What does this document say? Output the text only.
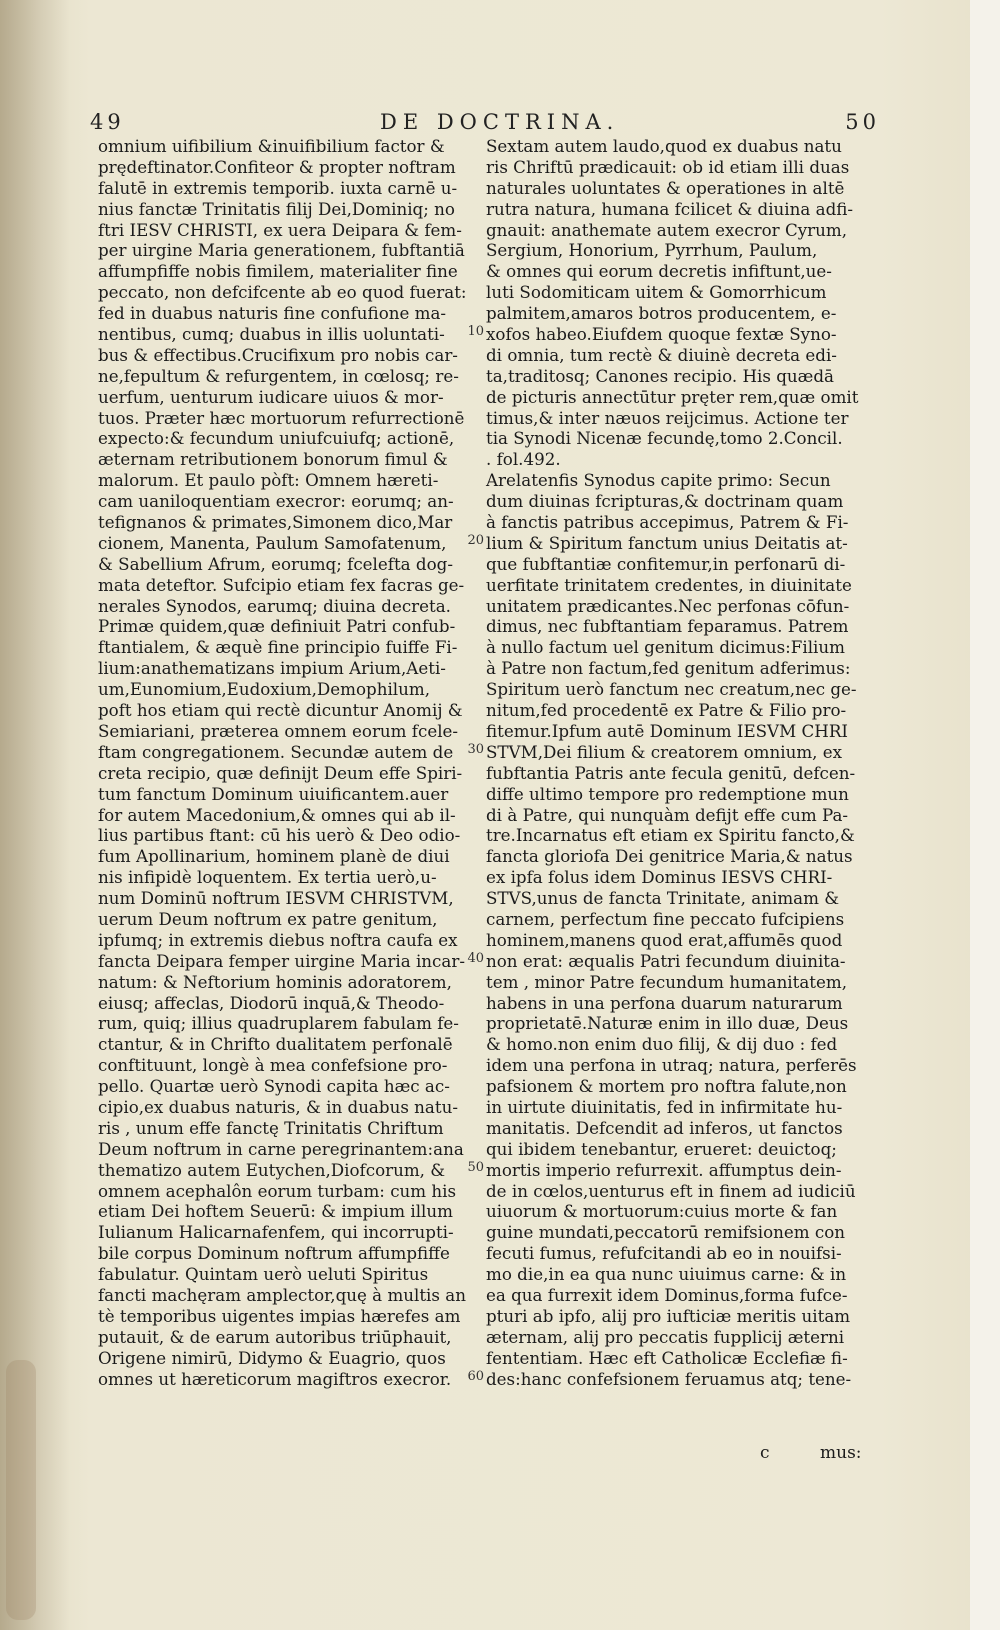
49	DE DOCTRINA.	50
omnium uifibilium &inuifibilium factor &
prędeftinator.Confiteor & propter noftram
falutē in extremis temporib. iuxta carnē u-
nius fanctæ Trinitatis filij Dei,Dominiq; no
ftri IESV CHRISTI, ex uera Deipara & fem-
per uirgine Maria generationem, fubftantiā
affumpfiffe nobis fimilem, materialiter fine
peccato, non defcifcente ab eo quod fuerat:
fed in duabus naturis fine confufione ma-
nentibus, cumq; duabus in illis uoluntati-
bus & effectibus.Crucifixum pro nobis car-
ne,fepultum & refurgentem, in cœlosq; re-
uerfum, uenturum iudicare uiuos & mor-
tuos. Præter hæc mortuorum refurrectionē
expecto:& fecundum uniufcuiufq; actionē,
æternam retributionem bonorum fimul &
malorum. Et paulo pòft: Omnem hæreti-
cam uaniloquentiam execror: eorumq; an-
tefignanos & primates,Simonem dico,Mar
cionem, Manenta, Paulum Samofatenum,
& Sabellium Afrum, eorumq; fcelefta dog-
mata deteftor. Sufcipio etiam fex facras ge-
nerales Synodos, earumq; diuina decreta.
Primæ quidem,quæ definiuit Patri confub-
ftantialem, & æquè fine principio fuiffe Fi-
lium:anathematizans impium Arium,Aeti-
um,Eunomium,Eudoxium,Demophilum,
poft hos etiam qui rectè dicuntur Anomij &
Semiariani, præterea omnem eorum fcele-
ftam congregationem. Secundæ autem de
creta recipio, quæ definijt Deum effe Spiri-
tum fanctum Dominum uiuificantem.auer
for autem Macedonium,& omnes qui ab il-
lius partibus ftant: cū his uerò & Deo odio-
fum Apollinarium, hominem planè de diui
nis infipidè loquentem. Ex tertia uerò,u-
num Dominū noftrum IESVM CHRISTVM,
uerum Deum noftrum ex patre genitum,
ipfumq; in extremis diebus noftra caufa ex
fancta Deipara femper uirgine Maria incar-
natum: & Neftorium hominis adoratorem,
eiusq; affeclas, Diodorū inquā,& Theodo-
rum, quiq; illius quadruplarem fabulam fe-
ctantur, & in Chrifto dualitatem perfonalē
conftituunt, longè à mea confefsione pro-
pello. Quartæ uerò Synodi capita hæc ac-
cipio,ex duabus naturis, & in duabus natu-
ris , unum effe fanctę Trinitatis Chriftum
Deum noftrum in carne peregrinantem:ana
thematizo autem Eutychen,Diofcorum, &
omnem acephalôn eorum turbam: cum his
etiam Dei hoftem Seuerū: & impium illum
Iulianum Halicarnafenfem, qui incorrupti-
bile corpus Dominum noftrum affumpfiffe
fabulatur. Quintam uerò ueluti Spiritus
fancti machęram amplector,quę à multis an
tè temporibus uigentes impias hærefes am
putauit, & de earum autoribus triūphauit,
Origene nimirū, Didymo & Euagrio, quos
omnes ut hæreticorum magiftros execror.
10
20
30
40
50
60
Sextam autem laudo,quod ex duabus natu
ris Chriftū prædicauit: ob id etiam illi duas
naturales uoluntates & operationes in altē
rutra natura, humana fcilicet & diuina adfi-
gnauit: anathemate autem execror Cyrum,
Sergium, Honorium, Pyrrhum, Paulum,
& omnes qui eorum decretis infiftunt,ue-
luti Sodomiticam uitem & Gomorrhicum
palmitem,amaros botros producentem, e-
xofos habeo.Eiufdem quoque fextæ Syno-
di omnia, tum rectè & diuinè decreta edi-
ta,traditosq; Canones recipio. His quædā
de picturis annectūtur pręter rem,quæ omit
timus,& inter næuos reijcimus. Actione ter
tia Synodi Nicenæ fecundę,tomo 2.Concil.
. fol.492.
Arelatenfis Synodus capite primo: Secun
dum diuinas fcripturas,& doctrinam quam
à fanctis patribus accepimus, Patrem & Fi-
lium & Spiritum fanctum unius Deitatis at-
que fubftantiæ confitemur,in perfonarū di-
uerfitate trinitatem credentes, in diuinitate
unitatem prædicantes.Nec perfonas cōfun-
dimus, nec fubftantiam feparamus. Patrem
à nullo factum uel genitum dicimus:Filium
à Patre non factum,fed genitum adferimus:
Spiritum uerò fanctum nec creatum,nec ge-
nitum,fed procedentē ex Patre & Filio pro-
fitemur.Ipfum autē Dominum IESVM CHRI
STVM,Dei filium & creatorem omnium, ex
fubftantia Patris ante fecula genitū, defcen-
diffe ultimo tempore pro redemptione mun
di à Patre, qui nunquàm defijt effe cum Pa-
tre.Incarnatus eft etiam ex Spiritu fancto,&
fancta gloriofa Dei genitrice Maria,& natus
ex ipfa folus idem Dominus IESVS CHRI-
STVS,unus de fancta Trinitate, animam &
carnem, perfectum fine peccato fufcipiens
hominem,manens quod erat,affumēs quod
non erat: æqualis Patri fecundum diuinita-
tem , minor Patre fecundum humanitatem,
habens in una perfona duarum naturarum
proprietatē.Naturæ enim in illo duæ, Deus
& homo.non enim duo filij, & dij duo : fed
idem una perfona in utraq; natura, perferēs
pafsionem & mortem pro noftra falute,non
in uirtute diuinitatis, fed in infirmitate hu-
manitatis. Defcendit ad inferos, ut fanctos
qui ibidem tenebantur, erueret: deuictoq;
mortis imperio refurrexit. affumptus dein-
de in cœlos,uenturus eft in finem ad iudiciū
uiuorum & mortuorum:cuius morte & fan
guine mundati,peccatorū remifsionem con
fecuti fumus, refufcitandi ab eo in nouifsi-
mo die,in ea qua nunc uiuimus carne: & in
ea qua furrexit idem Dominus,forma fufce-
pturi ab ipfo, alij pro iufticiæ meritis uitam
æternam, alij pro peccatis fupplicij æterni
fententiam. Hæc eft Catholicæ Ecclefiæ fi-
des:hanc confefsionem feruamus atq; tene-
c	mus:
